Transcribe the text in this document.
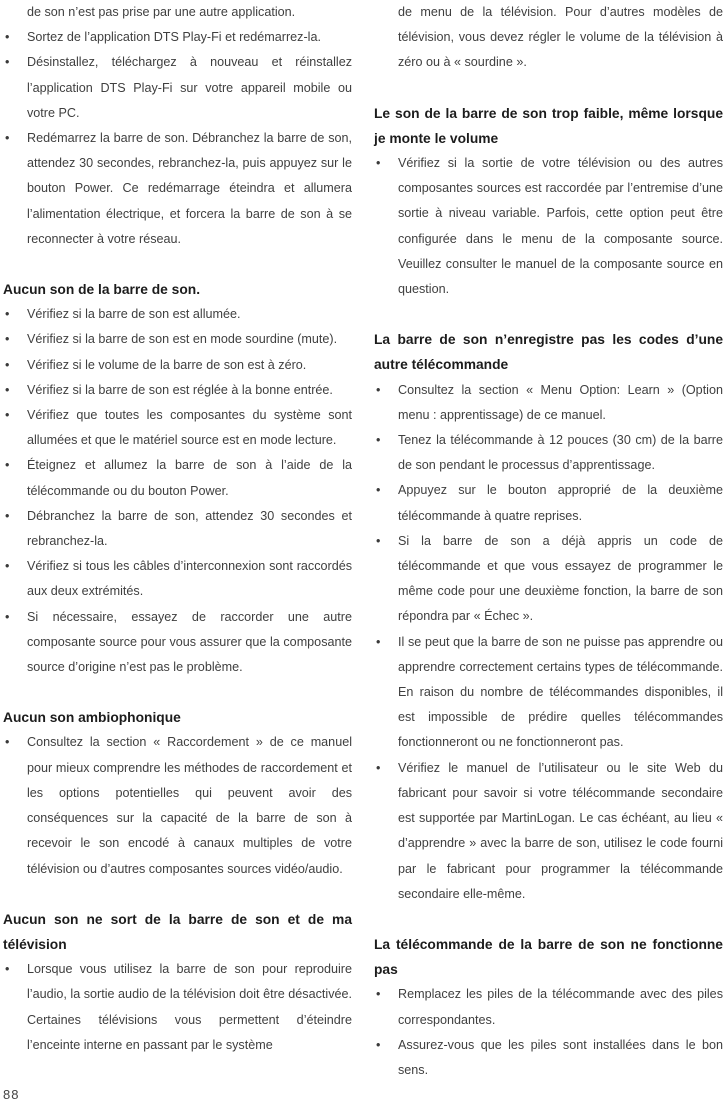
de son n’est pas prise par une autre application.

• Sortez de l’application DTS Play-Fi et redémarrez-la.

• Désinstallez, téléchargez à nouveau et réinstallez l’application DTS Play-Fi sur votre appareil mobile ou votre PC.

• Redémarrez la barre de son. Débranchez la barre de son, attendez 30 secondes, rebranchez-la, puis appuyez sur le bouton Power. Ce redémarrage éteindra et allumera l’alimentation électrique, et forcera la barre de son à se reconnecter à votre réseau.

Aucun son de la barre de son.

• Vérifiez si la barre de son est allumée.

• Vérifiez si la barre de son est en mode sourdine (mute).

• Vérifiez si le volume de la barre de son est à zéro.

• Vérifiez si la barre de son est réglée à la bonne entrée.

• Vérifiez que toutes les composantes du système sont allumées et que le matériel source est en mode lecture.

• Éteignez et allumez la barre de son à l’aide de la télécommande ou du bouton Power.

• Débranchez la barre de son, attendez 30 secondes et rebranchez-la.

• Vérifiez si tous les câbles d’interconnexion sont raccordés aux deux extrémités.

• Si nécessaire, essayez de raccorder une autre composante source pour vous assurer que la composante source d’origine n’est pas le problème.

Aucun son ambiophonique

• Consultez la section « Raccordement » de ce manuel pour mieux comprendre les méthodes de raccordement et les options potentielles qui peuvent avoir des conséquences sur la capacité de la barre de son à recevoir le son encodé à canaux multiples de votre télévision ou d’autres composantes sources vidéo/audio.

Aucun son ne sort de la barre de son et de ma télévision

• Lorsque vous utilisez la barre de son pour reproduire l’audio, la sortie audio de la télévision doit être désactivée. Certaines télévisions vous permettent d’éteindre l’enceinte interne en passant par le système

de menu de la télévision. Pour d’autres modèles de télévision, vous devez régler le volume de la télévision à zéro ou à « sourdine ».

Le son de la barre de son trop faible, même lorsque je monte le volume

• Vérifiez si la sortie de votre télévision ou des autres composantes sources est raccordée par l’entremise d’une sortie à niveau variable. Parfois, cette option peut être configurée dans le menu de la composante source. Veuillez consulter le manuel de la composante source en question.

La barre de son n’enregistre pas les codes d’une autre télécommande

• Consultez la section « Menu Option: Learn » (Option menu : apprentissage) de ce manuel.

• Tenez la télécommande à 12 pouces (30 cm) de la barre de son pendant le processus d’apprentissage.

• Appuyez sur le bouton approprié de la deuxième télécommande à quatre reprises.

• Si la barre de son a déjà appris un code de télécommande et que vous essayez de programmer le même code pour une deuxième fonction, la barre de son répondra par « Échec ».

• Il se peut que la barre de son ne puisse pas apprendre ou apprendre correctement certains types de télécommande. En raison du nombre de télécommandes disponibles, il est impossible de prédire quelles télécommandes fonctionneront ou ne fonctionneront pas.

• Vérifiez le manuel de l’utilisateur ou le site Web du fabricant pour savoir si votre télécommande secondaire est supportée par MartinLogan. Le cas échéant, au lieu « d’apprendre » avec la barre de son, utilisez le code fourni par le fabricant pour programmer la télécommande secondaire elle-même.

La télécommande de la barre de son ne fonctionne pas

• Remplacez les piles de la télécommande avec des piles correspondantes.

• Assurez-vous que les piles sont installées dans le bon sens.

88
